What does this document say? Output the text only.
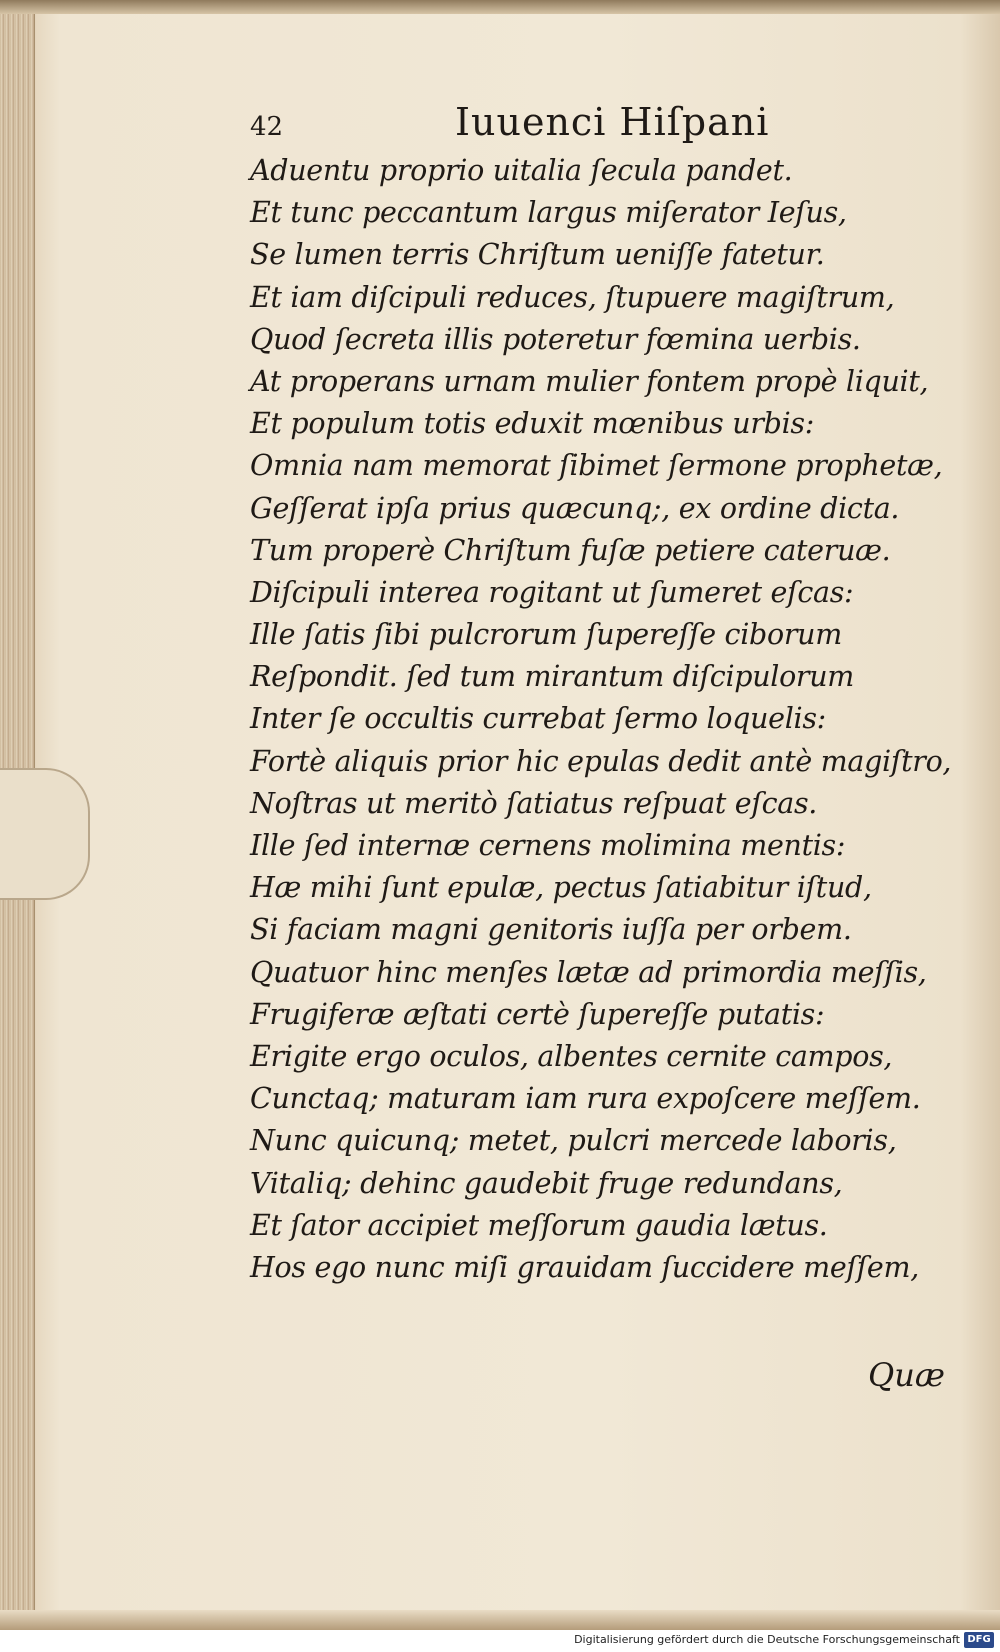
42	Iuuenci Hiſpani
Aduentu proprio uitalia ſecula pandet.
Et tunc peccantum largus miſerator Ieſus,
Se lumen terris Chriſtum ueniſſe fatetur.
Et iam diſcipuli reduces, ſtupuere magiſtrum,
Quod ſecreta illis poteretur fœmina uerbis.
At properans urnam mulier fontem propè liquit,
Et populum totis eduxit mœnibus urbis:
Omnia nam memorat ſibimet ſermone prophetæ,
Geſſerat ipſa prius quæcunq;, ex ordine dicta.
Tum properè Chriſtum fuſæ petiere cateruæ.
Diſcipuli interea rogitant ut ſumeret eſcas:
Ille ſatis ſibi pulcrorum ſupereſſe ciborum
Reſpondit. ſed tum mirantum diſcipulorum
Inter ſe occultis currebat ſermo loquelis:
Fortè aliquis prior hic epulas dedit antè magiſtro,
Noſtras ut meritò ſatiatus reſpuat eſcas.
Ille ſed internæ cernens molimina mentis:
Hæ mihi ſunt epulæ, pectus ſatiabitur iſtud,
Si faciam magni genitoris iuſſa per orbem.
Quatuor hinc menſes lætæ ad primordia meſſis,
Frugiferæ æſtati certè ſupereſſe putatis:
Erigite ergo oculos, albentes cernite campos,
Cunctaq; maturam iam rura expoſcere meſſem.
Nunc quicunq; metet, pulcri mercede laboris,
Vitaliq; dehinc gaudebit fruge redundans,
Et ſator accipiet meſſorum gaudia lætus.
Hos ego nunc miſi grauidam ſuccidere meſſem,
Quæ
Digitalisierung gefördert durch die Deutsche Forschungsgemeinschaft DFG
